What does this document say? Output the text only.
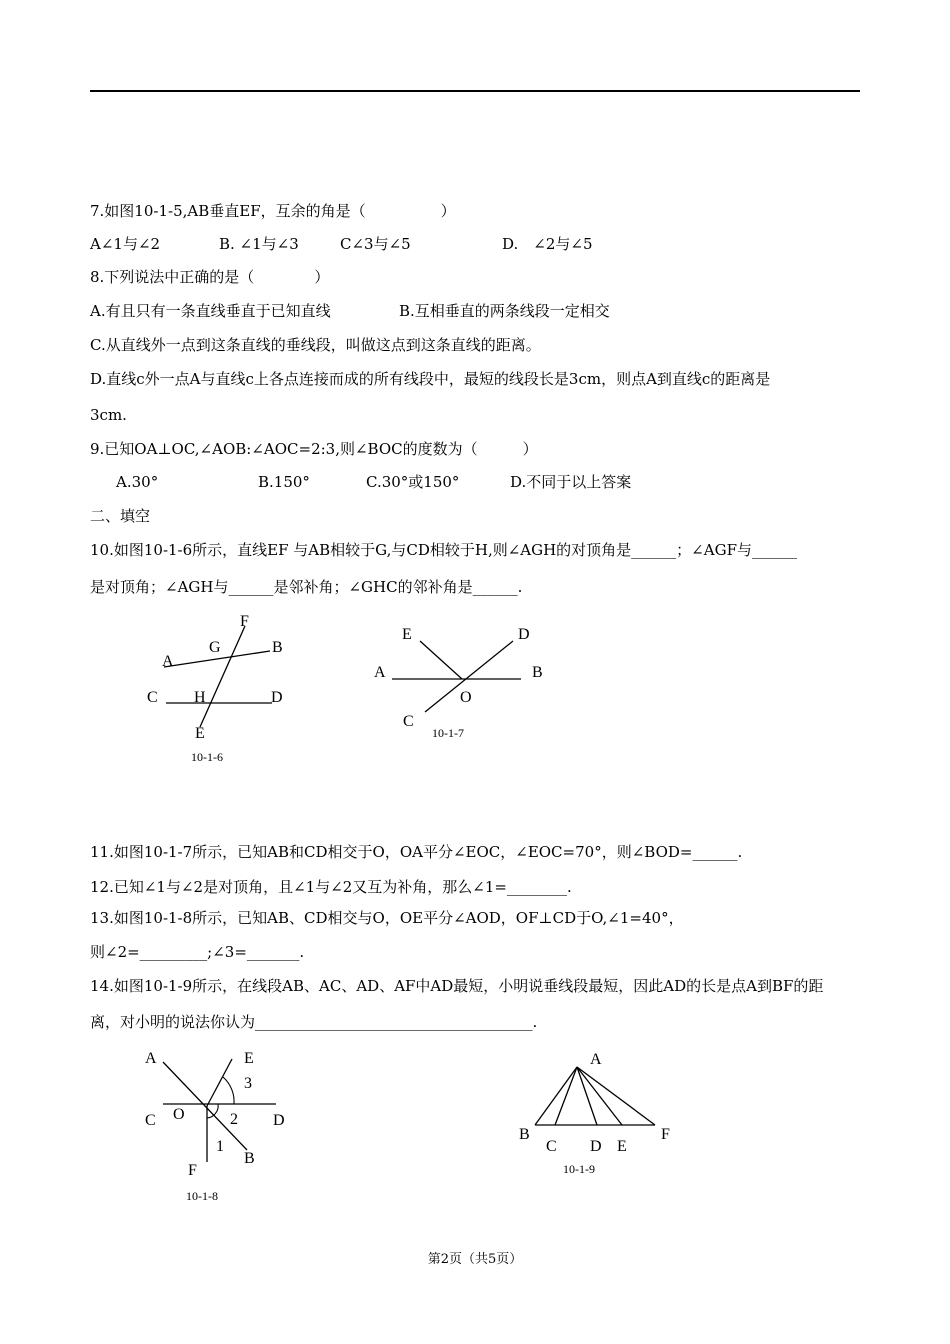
7.如图10-1-5,AB垂直EF，互余的角是（　　　　　）
A∠1与∠2	B. ∠1与∠3	C∠3与∠5	D.　∠2与∠5
8.下列说法中正确的是（　　　　）
A.有且只有一条直线垂直于已知直线	B.互相垂直的两条线段一定相交
C.从直线外一点到这条直线的垂线段，叫做这点到这条直线的距离。
D.直线c外一点A与直线c上各点连接而成的所有线段中，最短的线段长是3cm，则点A到直线c的距离是
3cm.
9.已知OA⊥OC,∠AOB:∠AOC=2:3,则∠BOC的度数为（　　　）
A.30°	B.150°	C.30°或150°	D.不同于以上答案
二、填空
10.如图10-1-6所示，直线EF 与AB相较于G,与CD相较于H,则∠AGH的对顶角是______；∠AGF与______
是对顶角；∠AGH与______是邻补角；∠GHC的邻补角是______.
F
G	B
A
C H	D
E
10-1-6
E	D
A	B
O
C
10-1-7
11.如图10-1-7所示，已知AB和CD相交于O，OA平分∠EOC，∠EOC=70°，则∠BOD=______.
12.已知∠1与∠2是对顶角，且∠1与∠2又互为补角，那么∠1=________.
13.如图10-1-8所示，已知AB、CD相交与O，OE平分∠AOD，OF⊥CD于O,∠1=40°，
则∠2=_________;∠3=_______.
14.如图10-1-9所示，在线段AB、AC、AD、AF中AD最短，小明说垂线段最短，因此AD的长是点A到BF的距
离，对小明的说法你认为_____________________________________.
A	E
3
C O	2 D
1
B
F
10-1-8
A
B
C D E
F
10-1-9
第2页（共5页）
